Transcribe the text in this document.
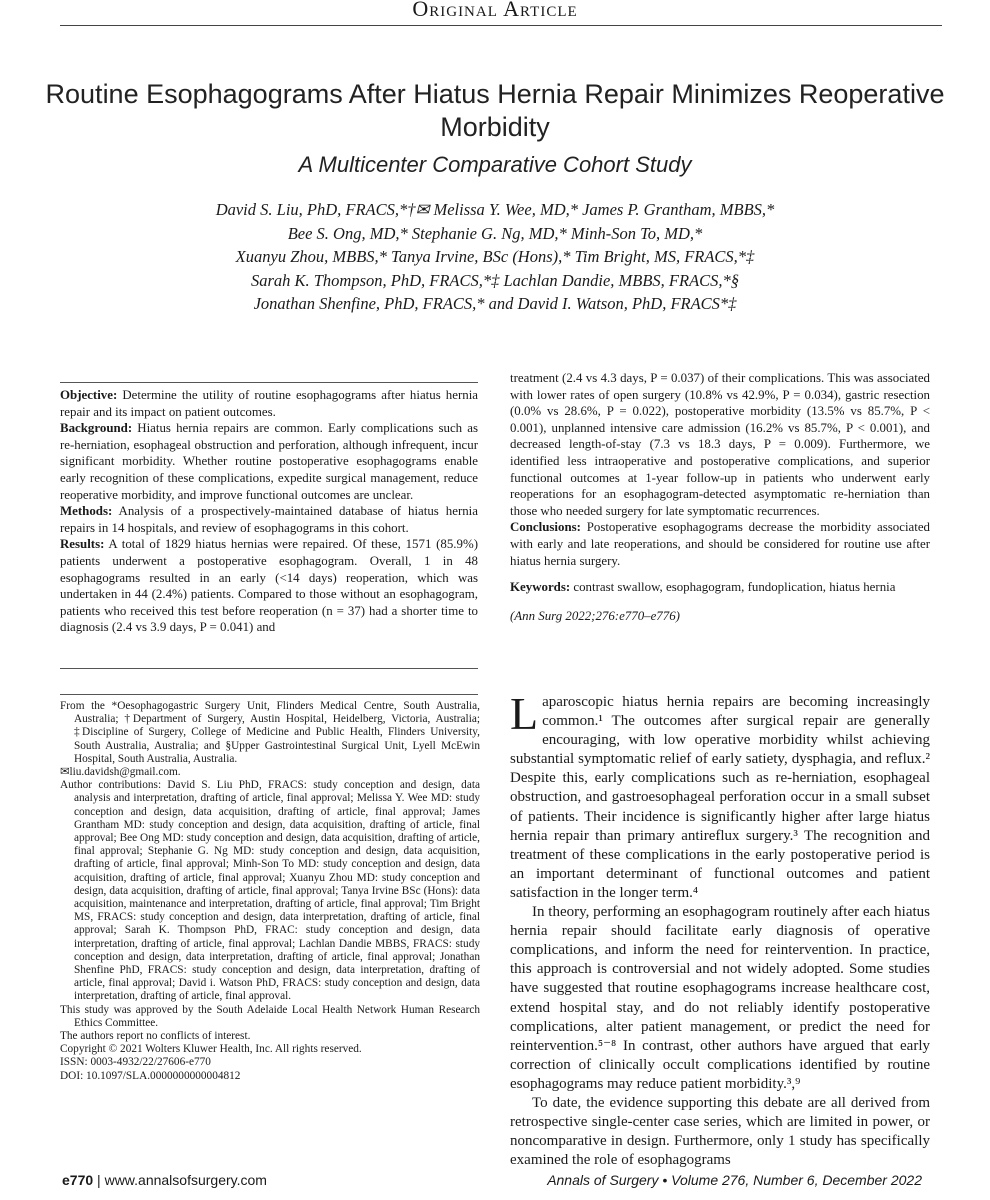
Original Article
Routine Esophagograms After Hiatus Hernia Repair Minimizes Reoperative Morbidity
A Multicenter Comparative Cohort Study
David S. Liu, PhD, FRACS,*†✉ Melissa Y. Wee, MD,* James P. Grantham, MBBS,*
Bee S. Ong, MD,* Stephanie G. Ng, MD,* Minh-Son To, MD,*
Xuanyu Zhou, MBBS,* Tanya Irvine, BSc (Hons),* Tim Bright, MS, FRACS,*‡
Sarah K. Thompson, PhD, FRACS,*‡ Lachlan Dandie, MBBS, FRACS,*§
Jonathan Shenfine, PhD, FRACS,* and David I. Watson, PhD, FRACS*‡

Objective: Determine the utility of routine esophagograms after hiatus hernia repair and its impact on patient outcomes.

Background: Hiatus hernia repairs are common. Early complications such as re-herniation, esophageal obstruction and perforation, although infrequent, incur significant morbidity. Whether routine postoperative esophagograms enable early recognition of these complications, expedite surgical management, reduce reoperative morbidity, and improve functional outcomes are unclear.

Methods: Analysis of a prospectively-maintained database of hiatus hernia repairs in 14 hospitals, and review of esophagograms in this cohort.

Results: A total of 1829 hiatus hernias were repaired. Of these, 1571 (85.9%) patients underwent a postoperative esophagogram. Overall, 1 in 48 esophagograms resulted in an early (<14 days) reoperation, which was undertaken in 44 (2.4%) patients. Compared to those without an esophagogram, patients who received this test before reoperation (n = 37) had a shorter time to diagnosis (2.4 vs 3.9 days, P = 0.041) and

treatment (2.4 vs 4.3 days, P = 0.037) of their complications. This was associated with lower rates of open surgery (10.8% vs 42.9%, P = 0.034), gastric resection (0.0% vs 28.6%, P = 0.022), postoperative morbidity (13.5% vs 85.7%, P < 0.001), unplanned intensive care admission (16.2% vs 85.7%, P < 0.001), and decreased length-of-stay (7.3 vs 18.3 days, P = 0.009). Furthermore, we identified less intraoperative and postoperative complications, and superior functional outcomes at 1-year follow-up in patients who underwent early reoperations for an esophagogram-detected asymptomatic re-herniation than those who needed surgery for late symptomatic recurrences.

Conclusions: Postoperative esophagograms decrease the morbidity associated with early and late reoperations, and should be considered for routine use after hiatus hernia surgery.

Keywords: contrast swallow, esophagogram, fundoplication, hiatus hernia

(Ann Surg 2022;276:e770–e776)

From the *Oesophagogastric Surgery Unit, Flinders Medical Centre, South Australia, Australia; †Department of Surgery, Austin Hospital, Heidelberg, Victoria, Australia; ‡Discipline of Surgery, College of Medicine and Public Health, Flinders University, South Australia, Australia; and §Upper Gastrointestinal Surgical Unit, Lyell McEwin Hospital, South Australia, Australia.

✉liu.davidsh@gmail.com.

Author contributions: David S. Liu PhD, FRACS: study conception and design, data analysis and interpretation, drafting of article, final approval; Melissa Y. Wee MD: study conception and design, data acquisition, drafting of article, final approval; James Grantham MD: study conception and design, data acquisition, drafting of article, final approval; Bee Ong MD: study conception and design, data acquisition, drafting of article, final approval; Stephanie G. Ng MD: study conception and design, data acquisition, drafting of article, final approval; Minh-Son To MD: study conception and design, data acquisition, drafting of article, final approval; Xuanyu Zhou MD: study conception and design, data acquisition, drafting of article, final approval; Tanya Irvine BSc (Hons): data acquisition, maintenance and interpretation, drafting of article, final approval; Tim Bright MS, FRACS: study conception and design, data interpretation, drafting of article, final approval; Sarah K. Thompson PhD, FRAC: study conception and design, data interpretation, drafting of article, final approval; Lachlan Dandie MBBS, FRACS: study conception and design, data interpretation, drafting of article, final approval; Jonathan Shenfine PhD, FRACS: study conception and design, data interpretation, drafting of article, final approval; David i. Watson PhD, FRACS: study conception and design, data interpretation, drafting of article, final approval.

This study was approved by the South Adelaide Local Health Network Human Research Ethics Committee.

The authors report no conflicts of interest.

Copyright © 2021 Wolters Kluwer Health, Inc. All rights reserved.

ISSN: 0003-4932/22/27606-e770

DOI: 10.1097/SLA.0000000000004812

Laparoscopic hiatus hernia repairs are becoming increasingly common.¹ The outcomes after surgical repair are generally encouraging, with low operative morbidity whilst achieving substantial symptomatic relief of early satiety, dysphagia, and reflux.² Despite this, early complications such as re-herniation, esophageal obstruction, and gastroesophageal perforation occur in a small subset of patients. Their incidence is significantly higher after large hiatus hernia repair than primary antireflux surgery.³ The recognition and treatment of these complications in the early postoperative period is an important determinant of functional outcomes and patient satisfaction in the longer term.⁴

In theory, performing an esophagogram routinely after each hiatus hernia repair should facilitate early diagnosis of operative complications, and inform the need for reintervention. In practice, this approach is controversial and not widely adopted. Some studies have suggested that routine esophagograms increase healthcare cost, extend hospital stay, and do not reliably identify postoperative complications, alter patient management, or predict the need for reintervention.⁵⁻⁸ In contrast, other authors have argued that early correction of clinically occult complications identified by routine esophagograms may reduce patient morbidity.³,⁹

To date, the evidence supporting this debate are all derived from retrospective single-center case series, which are limited in power, or noncomparative in design. Furthermore, only 1 study has specifically examined the role of esophagograms

e770 | www.annalsofsurgery.com	Annals of Surgery • Volume 276, Number 6, December 2022
